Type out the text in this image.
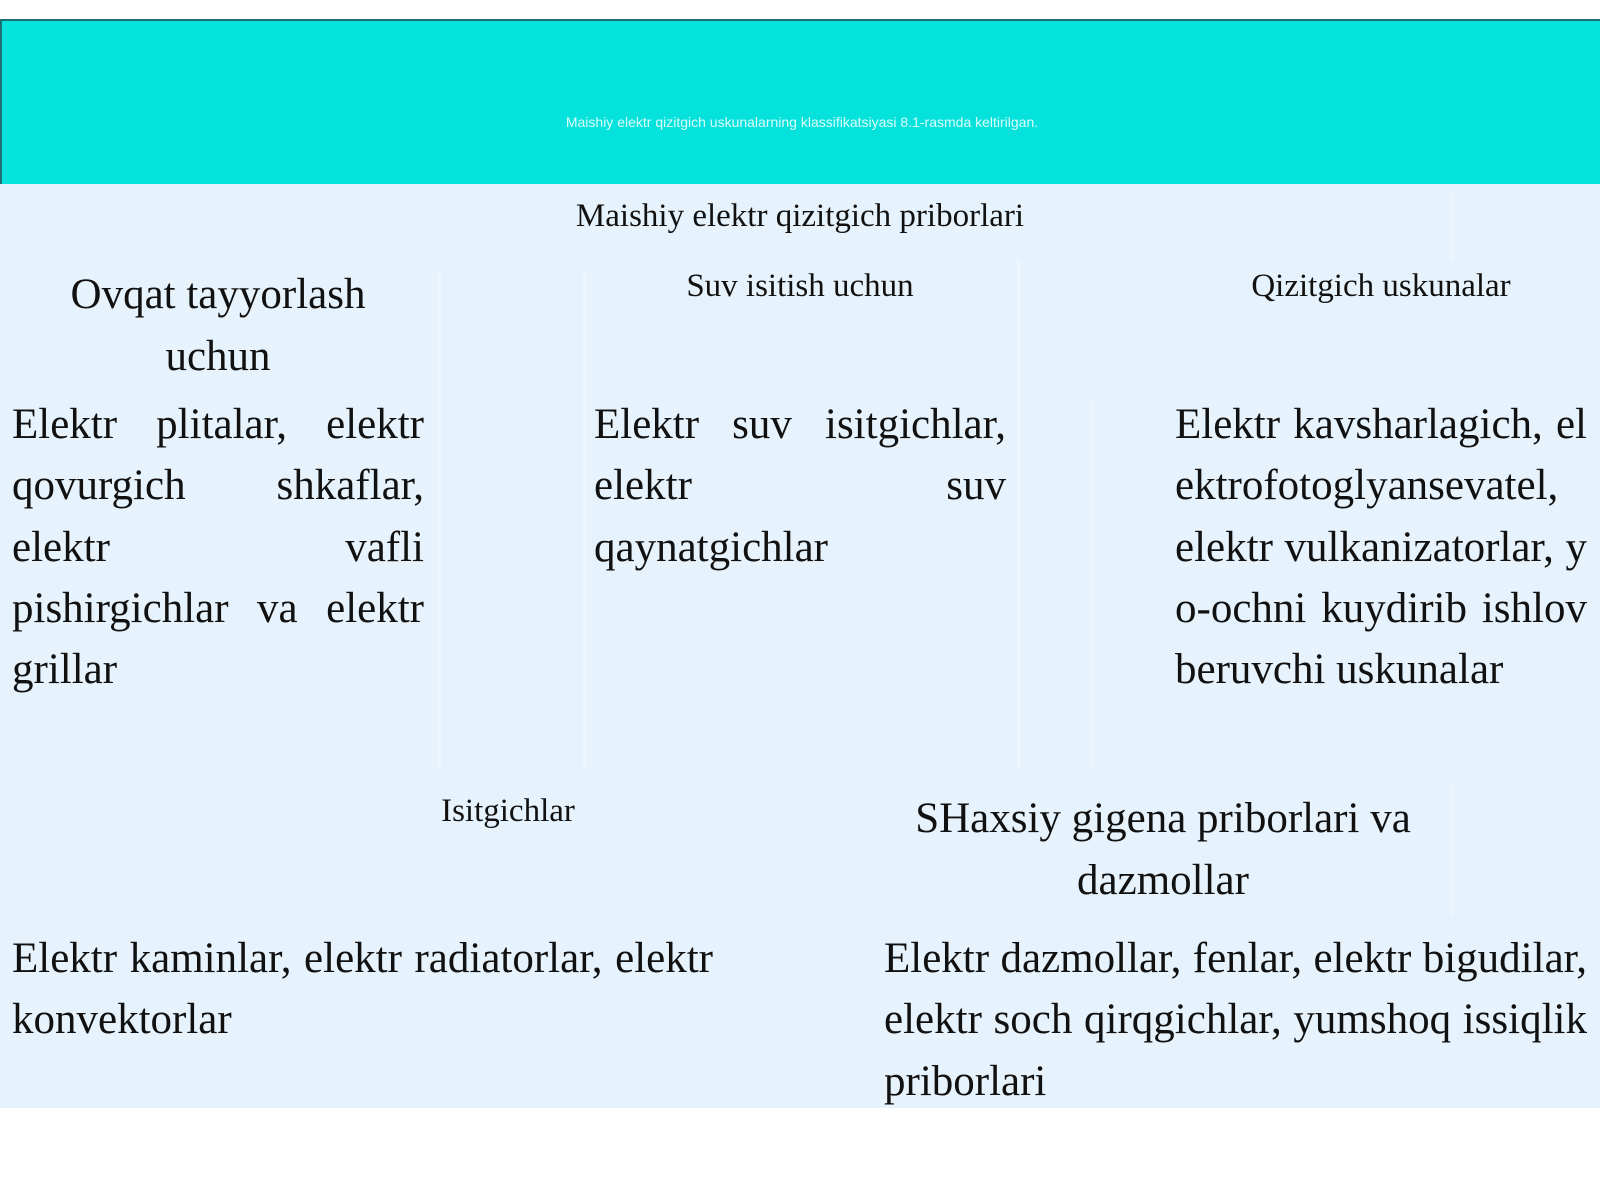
Maishiy elektr qizitgich uskunalarning klassifikatsiyasi 8.1-rasmda keltirilgan.
Maishiy elektr qizitgich priborlari
Ovqat tayyorlash uchun
Elektr plitalar, elektr qovurgich shkaflar, elektr vafli pishirgichlar va elektr grillar
Suv isitish uchun
Elektr suv isitgichlar, elektr suv qaynatgichlar
Qizitgich uskunalar
Elektr kavsharlagich, elektrofotoglyansevatel, elektr vulkanizatorlar, yo-ochni kuydirib ishlov beruvchi uskunalar
Isitgichlar
Elektr kaminlar, elektr radiatorlar, elektr konvektorlar
SHaxsiy gigena priborlari va dazmollar
Elektr dazmollar, fenlar, elektr bigudilar, elektr soch qirqgichlar, yumshoq issiqlik priborlari
